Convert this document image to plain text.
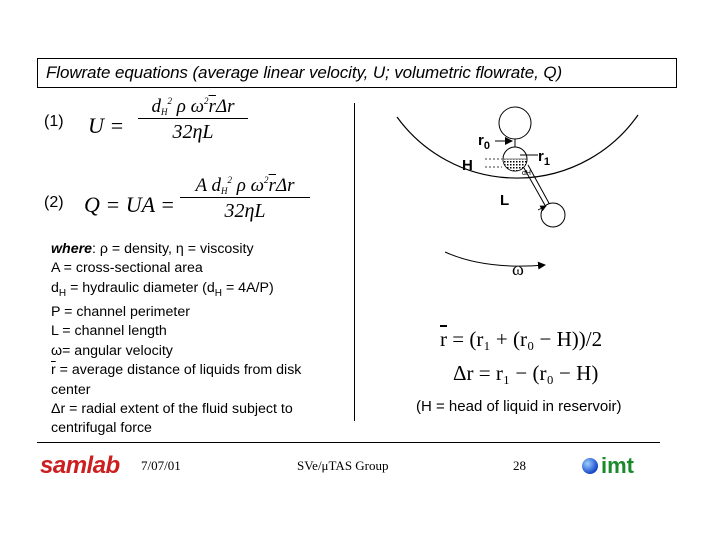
Flowrate equations (average linear velocity, U; volumetric flowrate, Q)
(1) U =
$d_H^2$ ρ $\omega^2\overline{r}\Delta r$
32ηL
(2) Q = UA =
A $d_H^2$ ρ $\omega^2\overline{r}\Delta r$
32ηL
where: ρ = density, η = viscosity
A = cross-sectional area
$d_H$ = hydraulic diameter $(d_H = 4A/P)$
P = channel perimeter
L = channel length
ω= angular velocity
$\overline{r}$ = average distance of liquids from disk
center
Δr = radial extent of the fluid subject to
centrifugal force
$r_0$
$r_1$
H
L
dH
ω
$\overline{r} = (r_1 + (r_0 - H))/2$
Δr = r₁ − (r₀ − H)
(H = head of liquid in reservoir)
samlab 7/07/01	SVe/μTAS Group	28	imt
